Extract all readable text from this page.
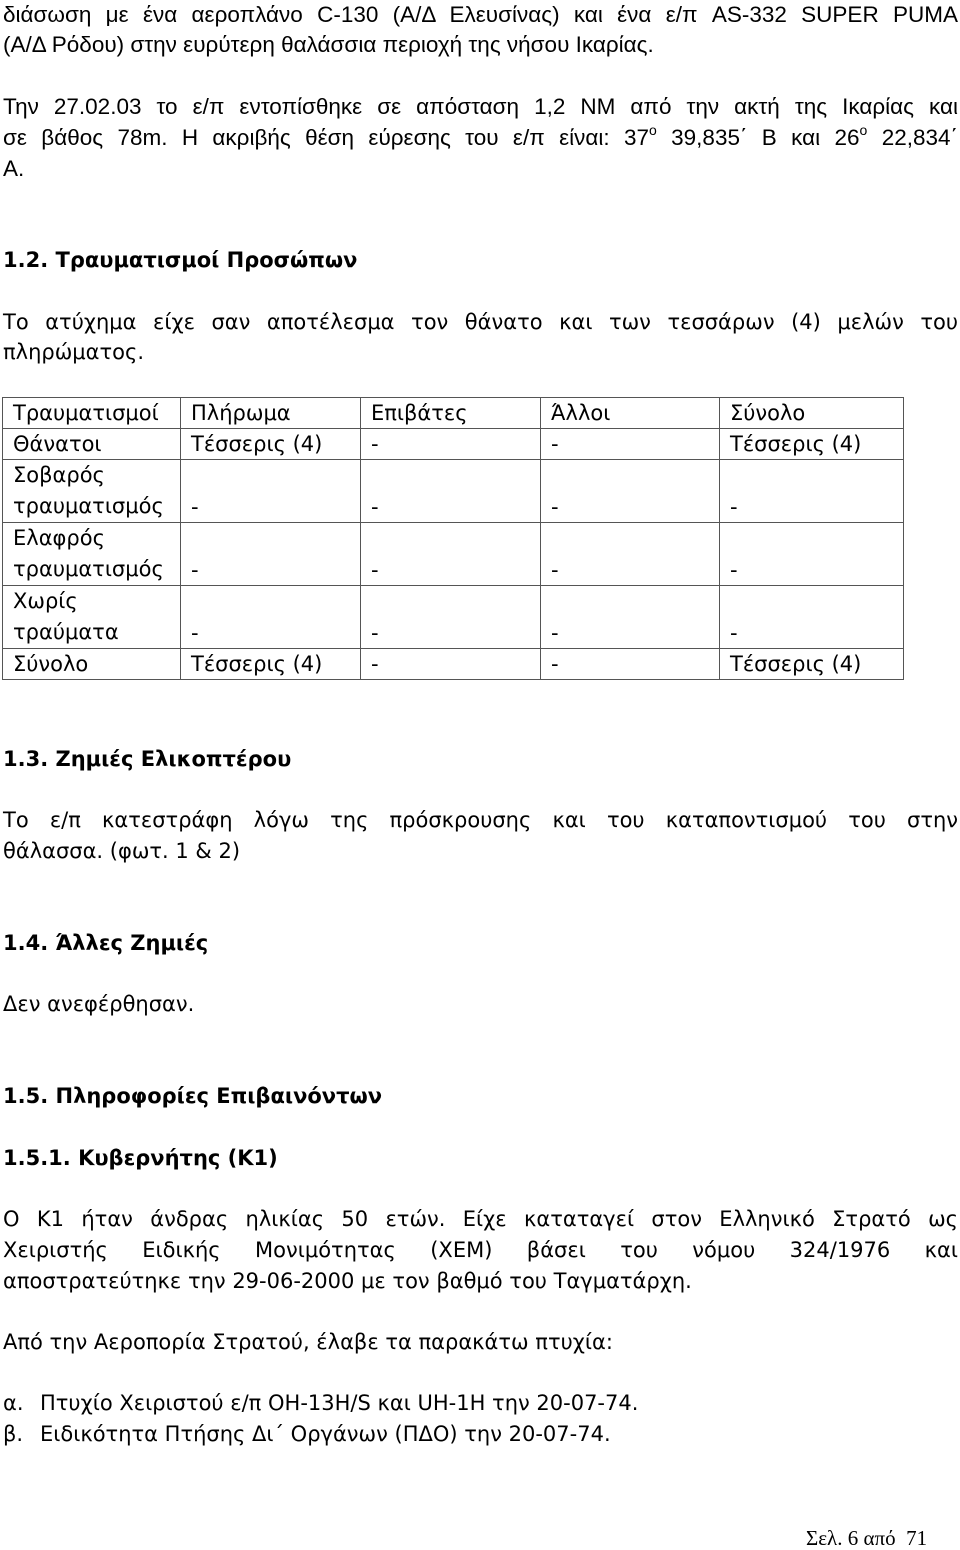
διάσωση με ένα αεροπλάνο C-130 (Α/Δ Ελευσίνας) και ένα ε/π AS-332 SUPER PUMA
(Α/Δ Ρόδου) στην ευρύτερη θαλάσσια περιοχή της νήσου Ικαρίας.
Την 27.02.03 το ε/π εντοπίσθηκε σε απόσταση 1,2 NM από την ακτή της Ικαρίας και
σε βάθος 78m. Η ακριβής θέση εύρεσης του ε/π είναι: $37^o$ 39,835΄ Β και $26^o$ 22,834΄
Α.
1.2. Τραυματισμοί Προσώπων
Το ατύχημα είχε σαν αποτέλεσμα τον θάνατο και των τεσσάρων (4) μελών του
πληρώματος.
Τραυματισμοί	Πλήρωμα	Επιβάτες	Άλλοι	Σύνολο
Θάνατοι	Τέσσερις (4)	-	-	Τέσσερις (4)
Σοβαρός τραυματισμός	-	-	-	-
Ελαφρός τραυματισμός	-	-	-	-
Χωρίς τραύματα	-	-	-	-
Σύνολο	Τέσσερις (4)	-	-	Τέσσερις (4)
1.3. Ζημιές Ελικοπτέρου
Το ε/π κατεστράφη λόγω της πρόσκρουσης και του καταποντισμού του στην
θάλασσα. (φωτ. 1 & 2)
1.4. Άλλες Ζημιές
Δεν ανεφέρθησαν.
1.5. Πληροφορίες Επιβαινόντων
1.5.1. Κυβερνήτης (Κ1)
Ο Κ1 ήταν άνδρας ηλικίας 50 ετών. Είχε καταταγεί στον Ελληνικό Στρατό ως
Χειριστής Ειδικής Μονιμότητας (ΧΕΜ) βάσει του νόμου 324/1976 και
αποστρατεύτηκε την 29-06-2000 με τον βαθμό του Ταγματάρχη.
Από την Αεροπορία Στρατού, έλαβε τα παρακάτω πτυχία:
α. Πτυχίο Χειριστού ε/π ΟΗ-13Η/S και UH-1H την 20-07-74.
β. Ειδικότητα Πτήσης Δι΄ Οργάνων (ΠΔΟ) την 20-07-74.
Σελ. 6 από  71
